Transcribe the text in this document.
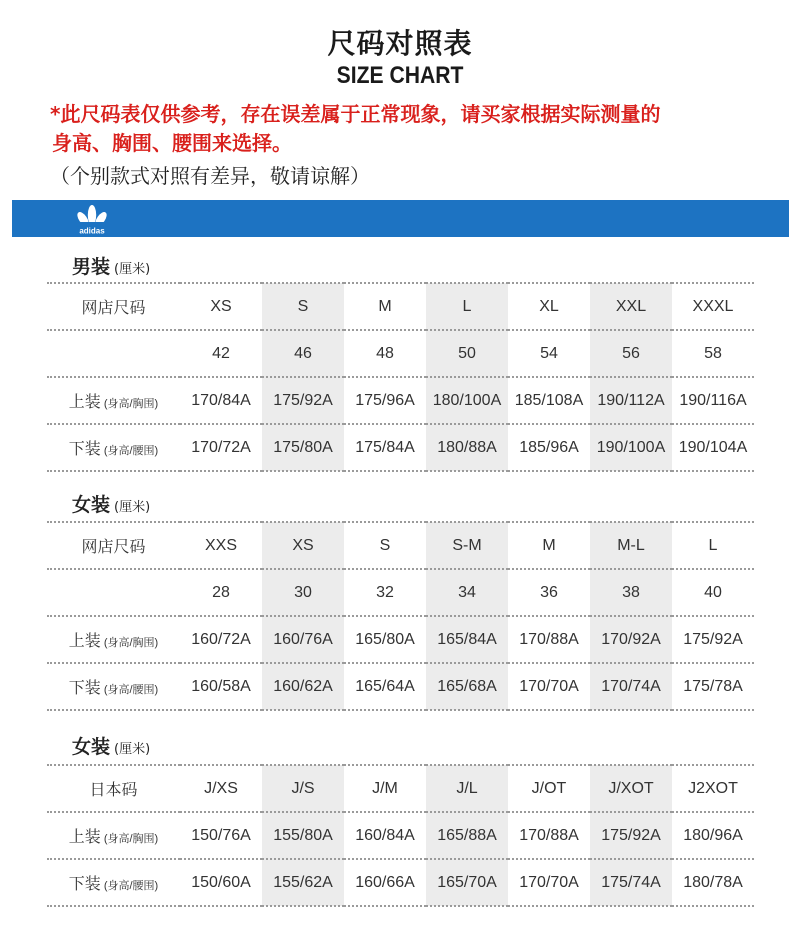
尺码对照表
SIZE CHART
*此尺码表仅供参考，存在误差属于正常现象，请买家根据实际测量的
身高、胸围、腰围来选择。
（个别款式对照有差异，敬请谅解）
adidas
男装 (厘米)
网店尺码	XS	S	M	L	XL	XXL	XXXL
	42	46	48	50	54	56	58
上装 (身高/胸围)	170/84A	175/92A	175/96A	180/100A	185/108A	190/112A	190/116A
下装 (身高/腰围)	170/72A	175/80A	175/84A	180/88A	185/96A	190/100A	190/104A
女装 (厘米)
网店尺码	XXS	XS	S	S-M	M	M-L	L
	28	30	32	34	36	38	40
上装 (身高/胸围)	160/72A	160/76A	165/80A	165/84A	170/88A	170/92A	175/92A
下装 (身高/腰围)	160/58A	160/62A	165/64A	165/68A	170/70A	170/74A	175/78A
女装 (厘米)
日本码	J/XS	J/S	J/M	J/L	J/OT	J/XOT	J2XOT
上装 (身高/胸围)	150/76A	155/80A	160/84A	165/88A	170/88A	175/92A	180/96A
下装 (身高/腰围)	150/60A	155/62A	160/66A	165/70A	170/70A	175/74A	180/78A
